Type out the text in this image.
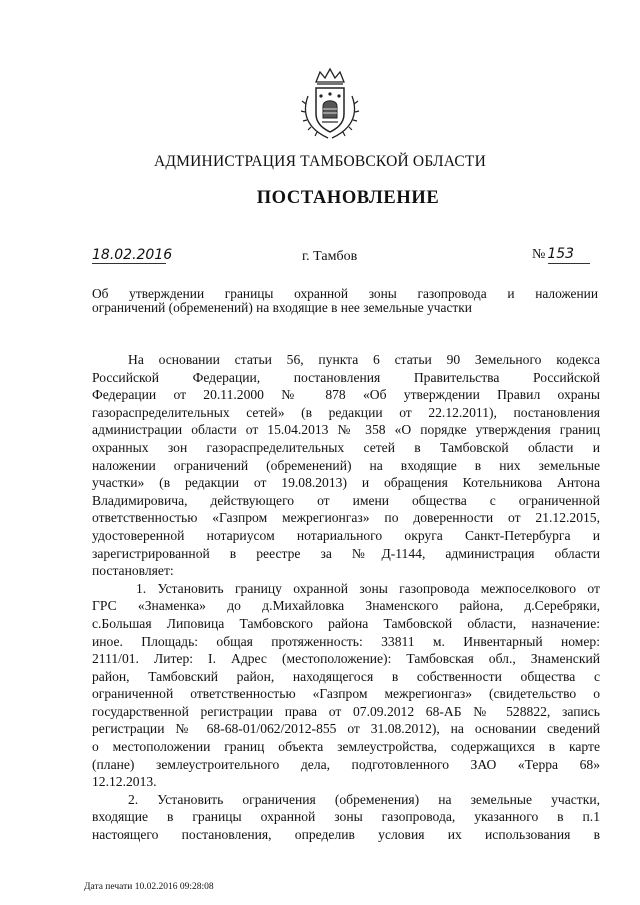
АДМИНИСТРАЦИЯ ТАМБОВСКОЙ ОБЛАСТИ
ПОСТАНОВЛЕНИЕ
18.02.2016	г. Тамбов	№ 153
Об утверждении границы охранной зоны газопровода и наложении
ограничений (обременений) на входящие в нее земельные участки
На основании статьи 56, пункта 6 статьи 90 Земельного кодекса
Российской Федерации, постановления Правительства Российской
Федерации от 20.11.2000 № 878 «Об утверждении Правил охраны
газораспределительных сетей» (в редакции от 22.12.2011), постановления
администрации области от 15.04.2013 № 358 «О порядке утверждения границ
охранных зон газораспределительных сетей в Тамбовской области и
наложении ограничений (обременений) на входящие в них земельные
участки» (в редакции от 19.08.2013) и обращения Котельникова Антона
Владимировича, действующего от имени общества с ограниченной
ответственностью «Газпром межрегионгаз» по доверенности от 21.12.2015,
удостоверенной нотариусом нотариального округа Санкт-Петербурга и
зарегистрированной в реестре за №Д-1144, администрация области
постановляет:
1. Установить границу охранной зоны газопровода межпоселкового от
ГРС «Знаменка» до д.Михайловка Знаменского района, д.Серебряки,
с.Большая Липовица Тамбовского района Тамбовской области, назначение:
иное. Площадь: общая протяженность: 33811 м. Инвентарный номер:
2111/01. Литер: I. Адрес (местоположение): Тамбовская обл., Знаменский
район, Тамбовский район, находящегося в собственности общества с
ограниченной ответственностью «Газпром межрегионгаз» (свидетельство о
государственной регистрации права от 07.09.2012 68-АБ № 528822, запись
регистрации № 68-68-01/062/2012-855 от 31.08.2012), на основании сведений
о местоположении границ объекта землеустройства, содержащихся в карте
(плане) землеустроительного дела, подготовленного ЗАО «Терра 68»
12.12.2013.
2. Установить ограничения (обременения) на земельные участки,
входящие в границы охранной зоны газопровода, указанного в п.1
настоящего постановления, определив условия их использования в
Дата печати 10.02.2016 09:28:08
